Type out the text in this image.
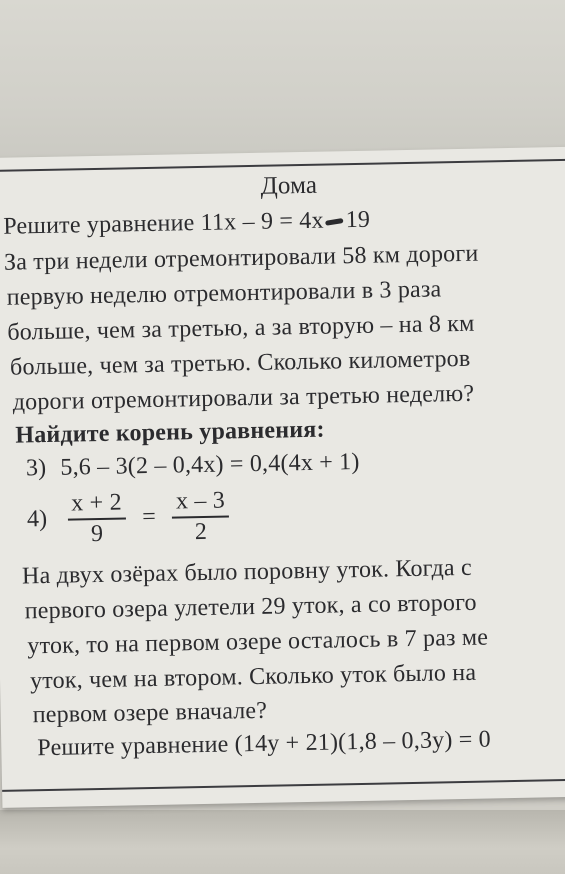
Дома
Решите уравнение 11х – 9 = 4х 19
За три недели отремонтировали 58 км дороги
первую неделю отремонтировали в 3 раза
больше, чем за третью, а за вторую – на 8 км
больше, чем за третью. Сколько километров
дороги отремонтировали за третью неделю?
Найдите корень уравнения:
3) 5,6 – 3(2 – 0,4х) = 0,4(4х + 1)
$4) \frac{x + 2}{9} = \frac{x - 3}{2}$
На двух озёрах было поровну уток. Когда с
первого озера улетели 29 уток, а со второго
уток, то на первом озере осталось в 7 раз ме
уток, чем на втором. Сколько уток было на
первом озере вначале?
Решите уравнение (14у + 21)(1,8 – 0,3у) = 0
